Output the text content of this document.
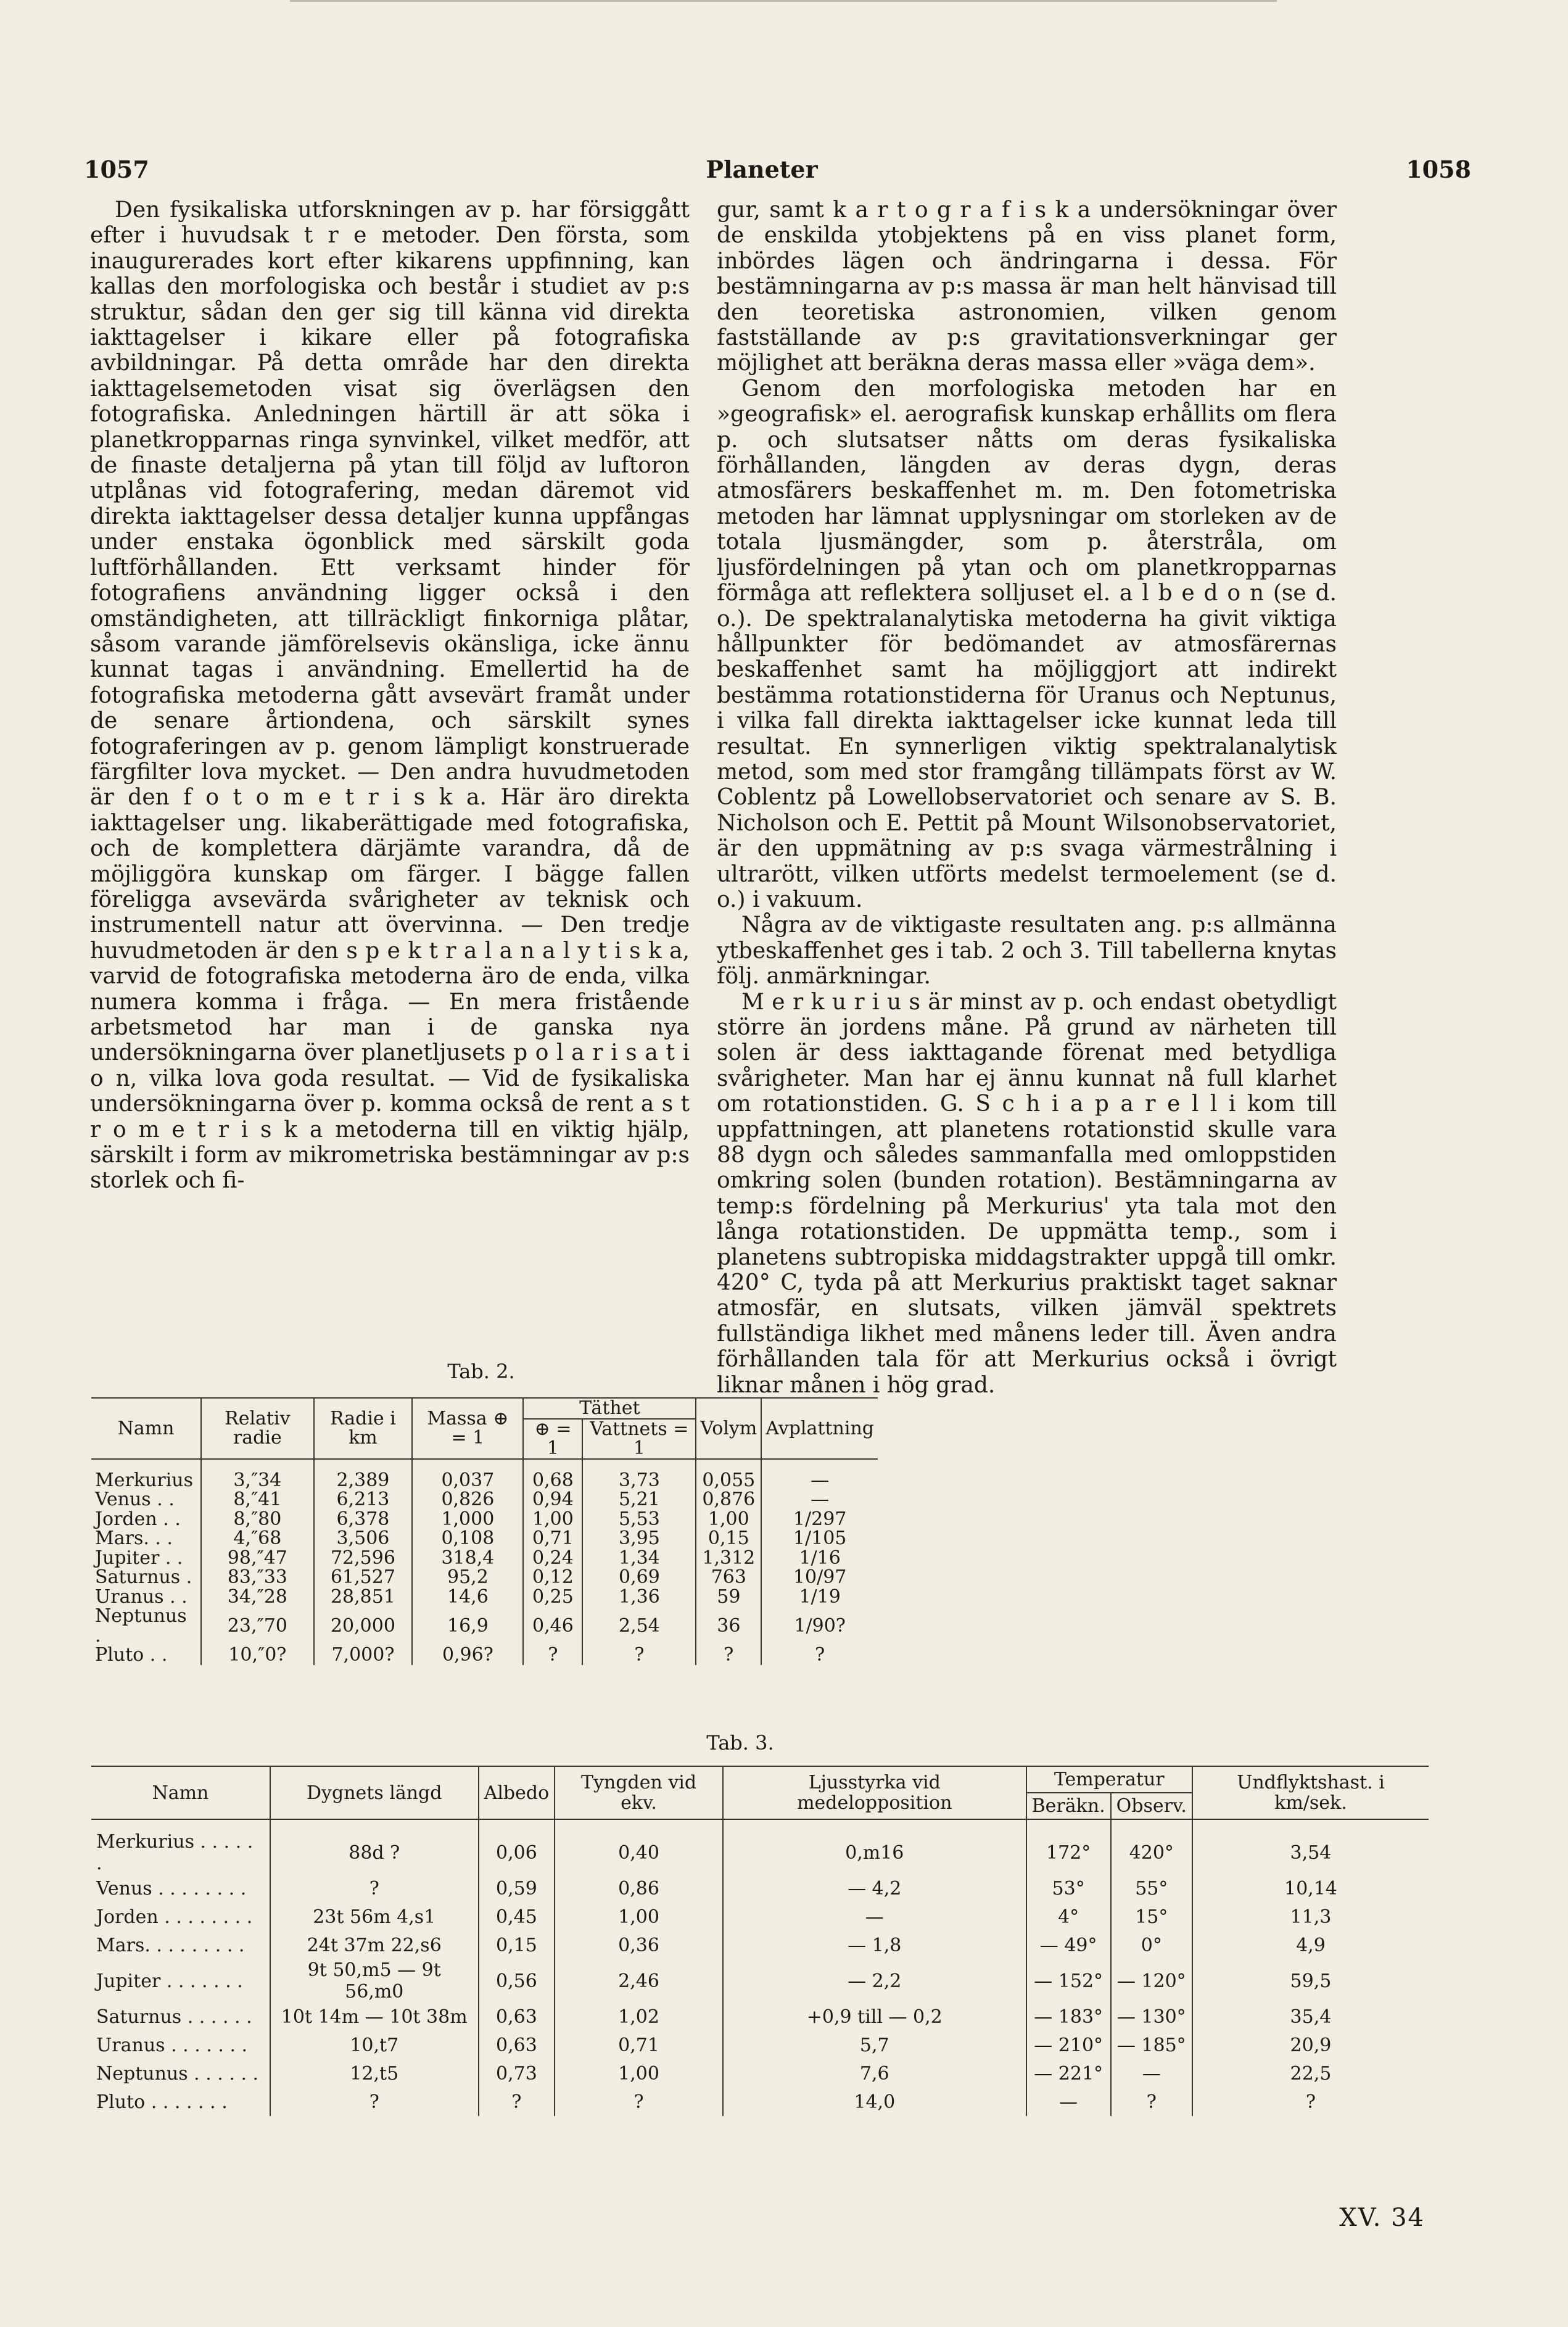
1057	Planeter	1058

Den fysikaliska utforskningen av p. har försiggått efter i huvudsak t r e metoder. Den första, som inaugurerades kort efter kikarens uppfinning, kan kallas den morfologiska och består i studiet av p:s struktur, sådan den ger sig till känna vid direkta iakttagelser i kikare eller på fotografiska avbildningar. På detta område har den direkta iakttagelsemetoden visat sig överlägsen den fotografiska. Anledningen härtill är att söka i planetkropparnas ringa synvinkel, vilket medför, att de finaste detaljerna på ytan till följd av luftoron utplånas vid fotografering, medan däremot vid direkta iakttagelser dessa detaljer kunna uppfångas under enstaka ögonblick med särskilt goda luftförhållanden. Ett verksamt hinder för fotografiens användning ligger också i den omständigheten, att tillräckligt finkorniga plåtar, såsom varande jämförelsevis okänsliga, icke ännu kunnat tagas i användning. Emellertid ha de fotografiska metoderna gått avsevärt framåt under de senare årtiondena, och särskilt synes fotograferingen av p. genom lämpligt konstruerade färgfilter lova mycket. — Den andra huvudmetoden är den f o t o m e t r i s k a. Här äro direkta iakttagelser ung. likaberättigade med fotografiska, och de kompletterа därjämte varandra, då de möjliggöra kunskap om färger. I bägge fallen föreligga avsevärda svårigheter av teknisk och instrumentell natur att övervinna. — Den tredje huvudmetoden är den s p e k t r a l a n a l y t i s k a, varvid de fotografiska metoderna äro de enda, vilka numera komma i fråga. — En mera fristående arbetsmetod har man i de ganska nya undersökningarna över planetljusets p o l a r i s a t i o n, vilka lova goda resultat. — Vid de fysikaliska undersökningarna över p. komma också de rent a s t r o m e t r i s k a metoderna till en viktig hjälp, särskilt i form av mikrometriska bestämningar av p:s storlek och fi-

gur, samt k a r t o g r a f i s k a undersökningar över de enskilda ytobjektens på en viss planet form, inbördes lägen och ändringarna i dessa. För bestämningarna av p:s massa är man helt hänvisad till den teoretiska astronomien, vilken genom fastställande av p:s gravitationsverkningar ger möjlighet att beräkna deras massa eller »väga dem».

Genom den morfologiska metoden har en »geografisk» el. aerografisk kunskap erhållits om flera p. och slutsatser nåtts om deras fysikaliska förhållanden, längden av deras dygn, deras atmosfärers beskaffenhet m. m. Den fotometriska metoden har lämnat upplysningar om storleken av de totala ljusmängder, som p. återstråla, om ljusfördelningen på ytan och om planetkropparnas förmåga att reflektera solljuset el. a l b e d o n (se d. o.). De spektralanalytiska metoderna ha givit viktiga hållpunkter för bedömandet av atmosfärernas beskaffenhet samt ha möjliggjort att indirekt bestämma rotationstiderna för Uranus och Neptunus, i vilka fall direkta iakttagelser icke kunnat leda till resultat. En synnerligen viktig spektralanalytisk metod, som med stor framgång tillämpats först av W. Coblentz på Lowellobservatoriet och senare av S. B. Nicholson och E. Pettit på Mount Wilsonobservatoriet, är den uppmätning av p:s svaga värmestrålning i ultrarött, vilken utförts medelst termoelement (se d. o.) i vakuum.

Några av de viktigaste resultaten ang. p:s allmänna ytbeskaffenhet ges i tab. 2 och 3. Till tabellerna knytas följ. anmärkningar.

M e r k u r i u s är minst av p. och endast obetydligt större än jordens måne. På grund av närheten till solen är dess iakttagande förenat med betydliga svårigheter. Man har ej ännu kunnat nå full klarhet om rotationstiden. G. S c h i a p a r e l l i kom till uppfattningen, att planetens rotationstid skulle vara 88 dygn och således sammanfalla med omloppstiden omkring solen (bunden rotation). Bestämningarna av temp:s fördelning på Merkurius' yta tala mot den långa rotationstiden. De uppmätta temp., som i planetens subtropiska middagstrakter uppgå till omkr. 420° C, tyda på att Merkurius praktiskt taget saknar atmosfär, en slutsats, vilken jämväl spektrets fullständiga likhet med månens leder till. Även andra förhållanden tala för att Merkurius också i övrigt liknar månen i hög grad.

Tab. 2.
Namn	Relativ radie	Radie i km	Massa ⊕ = 1	Täthet		Volym	Avplattning
				⊕ = 1	Vattnets = 1		
Merkurius	3,″34	2,389	0,037	0,68	3,73	0,055	—
Venus . .	8,″41	6,213	0,826	0,94	5,21	0,876	—
Jorden . .	8,″80	6,378	1,000	1,00	5,53	1,00	1/297
Mars. . .	4,″68	3,506	0,108	0,71	3,95	0,15	1/105
Jupiter . .	98,″47	72,596	318,4	0,24	1,34	1,312	1/16
Saturnus .	83,″33	61,527	95,2	0,12	0,69	763	10/97
Uranus . .	34,″28	28,851	14,6	0,25	1,36	59	1/19
Neptunus .	23,″70	20,000	16,9	0,46	2,54	36	1/90?
Pluto . .	10,″0?	7,000?	0,96?	?	?	?	?
Tab. 3.
Namn	Dygnets längd	Albedo	Tyngden vid ekv.	Ljusstyrka vid medelopposition	Temperatur		Undflyktshast. i km/sek.
					Beräkn.	Observ.	
Merkurius . . . . . .	88d ?	0,06	0,40	0,m16	172°	420°	3,54
Venus . . . . . . . .	?	0,59	0,86	— 4,2	53°	55°	10,14
Jorden . . . . . . . .	23t 56m 4,s1	0,45	1,00	—	4°	15°	11,3
Mars. . . . . . . . .	24t 37m 22,s6	0,15	0,36	— 1,8	— 49°	0°	4,9
Jupiter . . . . . . .	9t 50,m5 — 9t 56,m0	0,56	2,46	— 2,2	— 152°	— 120°	59,5
Saturnus . . . . . .	10t 14m — 10t 38m	0,63	1,02	+0,9 till — 0,2	— 183°	— 130°	35,4
Uranus . . . . . . .	10,t7	0,63	0,71	5,7	— 210°	— 185°	20,9
Neptunus . . . . . .	12,t5	0,73	1,00	7,6	— 221°	—	22,5
Pluto . . . . . . .	?	?	?	14,0	—	?	?
XV. 34
